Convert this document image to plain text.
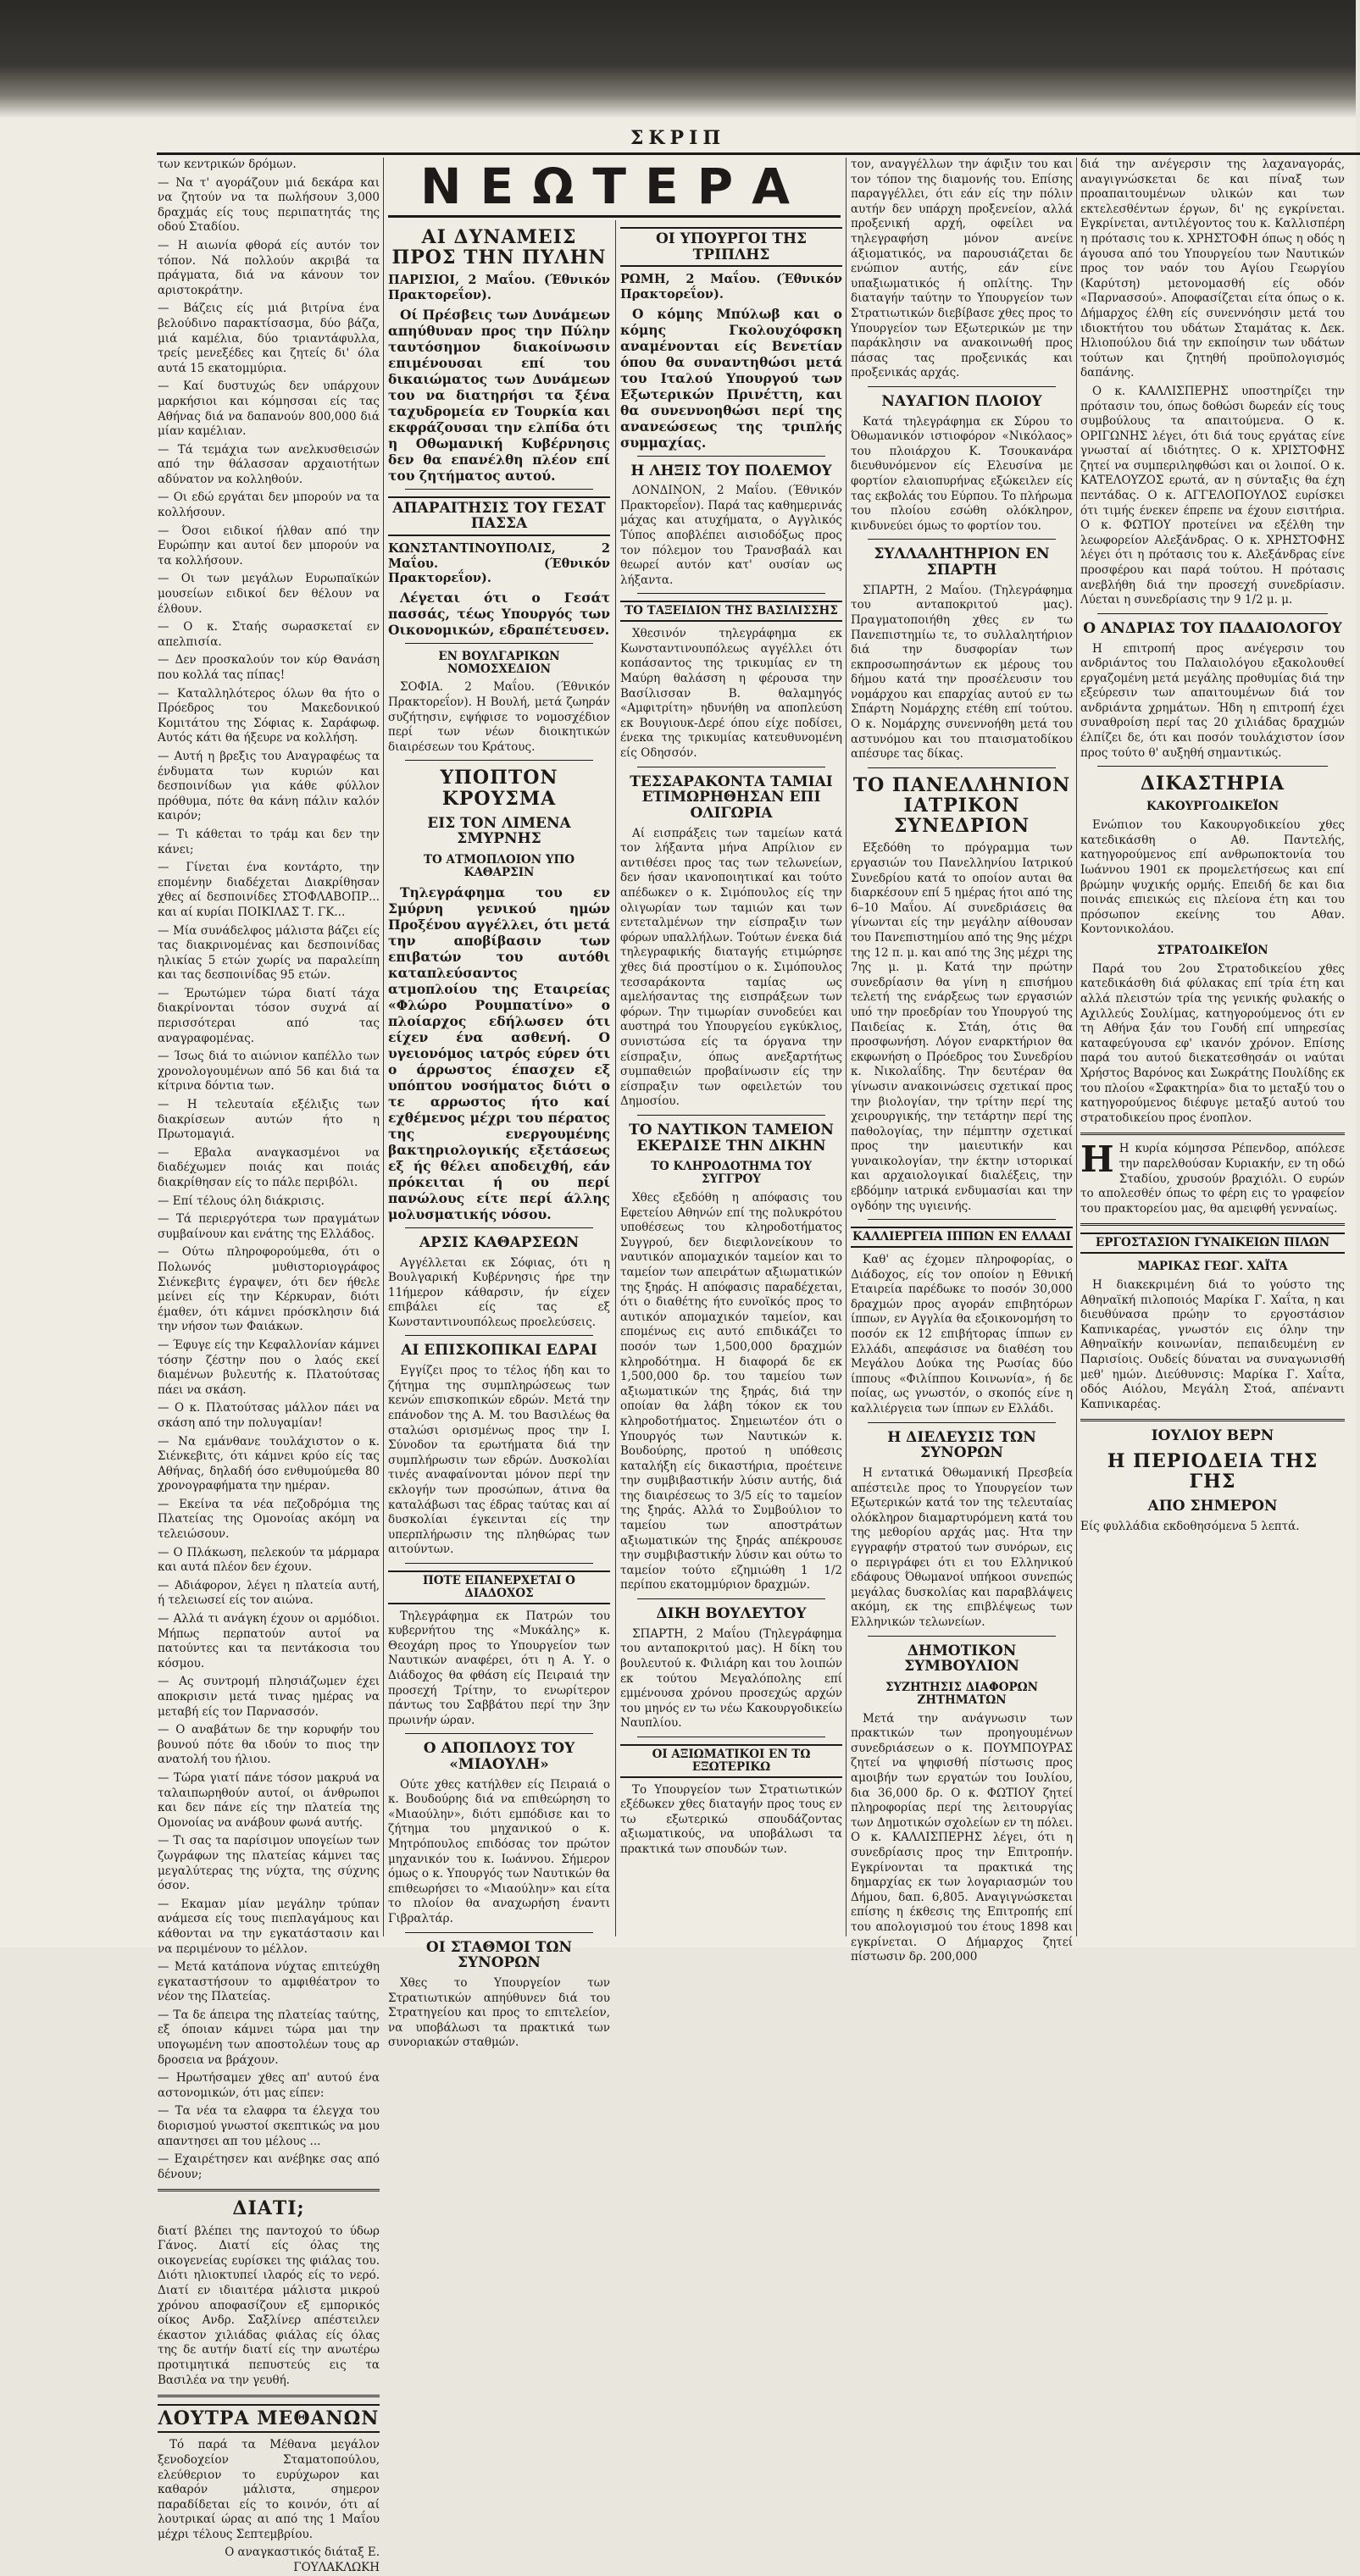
ΣΚΡΙΠ

των κεντρικών δρόμων.

— Να τ' αγοράζουν μιά δεκάρα και να ζητούν να τα πωλήσουν 3,000 δραχμάς είς τους περιπατητάς της οδού Σταδίου.

— Η αιωνία φθορά είς αυτόν τον τόπον. Νά πολλούν ακριβά τα πράγματα, διά να κάνουν τον αριστοκράτην.

— Βάζεις είς μιά βιτρίνα ένα βελούδινο παρακτίσασμα, δύο βάζα, μιά καμέλια, δύο τριαντάφυλλα, τρείς μενεξέδες και ζητείς δι' όλα αυτά 15 εκατομμύρια.

— Καί δυστυχώς δεν υπάρχουν μαρκήσιοι και κόμησσαι είς τας Αθήνας διά να δαπανούν 800,000 διά μίαν καμέλιαν.

— Τά τεμάχια των ανελκυσθεισών από την θάλασσαν αρχαιοτήτων αδύνατον να κολληθούν.

— Οι εδώ εργάται δεν μπορούν να τα κολλήσουν.

— Όσοι ειδικοί ήλθαν από την Ευρώπην και αυτοί δεν μπορούν να τα κολλήσουν.

— Οι των μεγάλων Ευρωπαϊκών μουσείων ειδικοί δεν θέλουν να έλθουν.

— Ο κ. Σταής σωρασκεταί εν απελπισία.

— Δεν προσκαλούν τον κύρ Θανάση που κολλά τας πίπας!

— Καταλληλότερος όλων θα ήτο ο Πρόεδρος του Μακεδονικού Κομιτάτου της Σόφιας κ. Σαράφωφ. Αυτός κάτι θα ήξευρε να κολλήση.

— Αυτή η βρεξις του Αναγραφέως τα ένδυματα των κυριών και δεσποινίδων για κάθε φύλλον πρόθυμα, πότε θα κάνη πάλιν καλόν καιρόν;

— Τι κάθεται το τράμ και δεν την κάνει;

— Γίνεται ένα κοντάρτο, την επομένην διαδέχεται Διακρίθησαν χθες αί δεσποινίδες ΣΤΟΦΛΑΒΟΠΡ... και αί κυρίαι ΠΟΙΚΙΛΑΣ Τ. ΓΚ...

— Μία συνάδελφος μάλιστα βάζει είς τας διακρινομένας και δεσποινίδας ηλικίας 5 ετών χωρίς να παραλείπη και τας δεσποινίδας 95 ετών.

— Έρωτώμεν τώρα διατί τάχα διακρίνονται τόσον συχνά αί περισσότεραι από τας αναγραφομένας.

— Ίσως διά το αιώνιον καπέλλο των χρονολογουμένων από 56 και διά τα κίτρινα δόντια των.

— Η τελευταία εξέλιξις των διακρίσεων αυτών ήτο η Πρωτομαγιά.

— Εβαλα αναγκασμένοι να διαδέχωμεν ποιάς και ποιάς διακρίθησαν είς το πάλε περιβόλι.

— Επί τέλους όλη διάκρισις.

— Τά περιεργότερα των πραγμάτων συμβαίνουν και ενάτης της Ελλάδος.

— Ούτω πληροφορούμεθα, ότι ο Πολωνός μυθιστοριογράφος Σιένκεβιτς έγραψεν, ότι δεν ήθελε μείνει είς την Κέρκυραν, διότι έμαθεν, ότι κάμνει πρόσκλησιν διά την νήσον των Φαιάκων.

— Έφυγε είς την Κεφαλλονίαν κάμνει τόσην ζέστην που ο λαός εκεί διαμένων βυλευτής κ. Πλατούτσας πάει να σκάση.

— Ο κ. Πλατούτσας μάλλον πάει να σκάση από την πολυγαμίαν!

— Να εμάνθανε τουλάχιστον ο κ. Σιένκεβιτς, ότι κάμνει κρύο είς τας Αθήνας, δηλαδή όσο ενθυμούμεθα 80 χρονογραφήματα την ημέραν.

— Εκείνα τα νέα πεζοδρόμια της Πλατείας της Ομονοίας ακόμη να τελειώσουν.

— Ο Πλάκωση, πελεκούν τα μάρμαρα και αυτά πλέον δεν έχουν.

— Αδιάφορον, λέγει η πλατεία αυτή, ή τελειωσεί είς τον αιώνα.

— Αλλά τι ανάγκη έχουν οι αρμόδιοι. Μήπως περπατούν αυτοί να πατούντες και τα πεντάκοσια του κόσμου.

— Ας συντρομή πλησιάζωμεν έχει αποκρισιν μετά τινας ημέρας να μεταβή είς τον Παρνασσόν.

— Ο αναβάτων δε την κορυφήν του βουνού πότε θα ιδούν το πιος την ανατολή του ήλιου.

— Τώρα γιατί πάνε τόσον μακρυά να ταλαιπωρηθούν αυτοί, οι άνθρωποι και δεν πάνε είς την πλατεία της Ομονοίας να ανάβουν φωνά αυτής.

— Τι σας τα παρίσιμον υπογείων των ζωγράφων της πλατείας κάμνει τας μεγαλύτερας της νύχτα, της σύχνης όσον.

— Εκαμαν μίαν μεγάλην τρύπαν ανάμεσα είς τους πιεπλαγάμους και κάθονται να την εγκατάστασιν και να περιμένουν το μέλλον.

— Μετά κατάπονα νύχτας επιτεύχθη εγκαταστήσουν το αμφιθέατρον το νέον της Πλατείας.

— Τα δε άπειρα της πλατείας ταύτης, εξ όποιαν κάμνει τώρα μαι την υπογωμένη των αποστολέων τους αρ δροσεια να βράχουν.

— Ηρωτήσαμεν χθες απ' αυτού ένα αστονομικών, ότι μας είπεν:

— Τα νέα τα ελαφρα τα έλεγχα του διορισμού γνωστοί σκεπτικώς να μου απαντησει απ του μέλους ...

— Εχαιρέτησεν και ανέβηκε σας από δένουν;

ΔΙΑΤΙ;

διατί βλέπει της παντοχού το ύδωρ Γάνος. Διατί είς όλας της οικογενείας ευρίσκει της φιάλας του. Διότι ηλιοκτυπεί ιλαρός είς το νερό. Διατί εν ιδιαιτέρα μάλιστα μικρού χρόνου αποφασίζουν εξ εμπορικός οίκος Ανδρ. Σαξλίνερ απέστειλεν έκαστον χιλιάδας φιάλας είς όλας της δε αυτήν διατί είς την ανωτέρω προτιμητικά πεπυστεύς εις τα Βασιλέα να την γευθή.

ΛΟΥΤΡΑ ΜΕΘΑΝΩΝ

Τό παρά τα Μέθανα μεγάλον ξενοδοχείον Σταματοπούλου, ελεύθεριον το ευρύχωρον και καθαρόν μάλιστα, σημερον παραδίδεται είς το κοινόν, ότι αί λουτρικαί ώρας αι από της 1 Μαΐου μέχρι τέλους Σεπτεμβρίου.

Ο αναγκαστικός διάταξ Ε. ΓΟΥΛΑΚΛΩΚΗ

ΝΕΩΤΕΡΑ
ΑΙ ΔΥΝΑΜΕΙΣ ΠΡΟΣ ΤΗΝ ΠΥΛΗΝ

ΠΑΡΙΣΙΟΙ, 2 Μαΐου. (Έθνικόν Πρακτορεΐον).

Οί Πρέσβεις των Δυνάμεων απηύθυναν προς την Πύλην ταυτόσημον διακοίνωσιν επιμένουσαι επί του δικαιώματος των Δυνάμεων του να διατηρήσι τα ξένα ταχυδρομεία εν Τουρκία και εκφράζουσαι την ελπίδα ότι η Οθωμανική Κυβέρνησις δεν θα επανέλθη πλέον επί του ζητήματος αυτού.

ΑΠΑΡΑΙΤΗΣΙΣ ΤΟΥ ΓΕΣΑΤ ΠΑΣΣΑ

ΚΩΝΣΤΑΝΤΙΝΟΥΠΟΛΙΣ, 2 Μαΐου. (Έθνικόν Πρακτορεΐον).

Λέγεται ότι ο Γεσάτ πασσάς, τέως Υπουργός των Οικονομικών, εδραπέτευσεν.

ΕΝ ΒΟΥΛΓΑΡΙΚΩΝ ΝΟΜΟΣΧΕΔΙΟΝ

ΣΟΦΙΑ. 2 Μαΐου. (Έθνικόν Πρακτορεΐον). Η Βουλή, μετά ζωηράν συζήτησιν, εψήφισε το νομοσχέδιον περί των νέων διοικητικών διαιρέσεων του Κράτους.

ΥΠΟΠΤΟΝ ΚΡΟΥΣΜΑ
ΕΙΣ ΤΟΝ ΛΙΜΕΝΑ ΣΜΥΡΝΗΣ
ΤΟ ΑΤΜΟΠΛΟΙΟΝ ΥΠΟ ΚΑΘΑΡΣΙΝ

Τηλεγράφημα του εν Σμύρνη γενικού ημών Προξένου αγγέλλει, ότι μετά την αποβίβασιν των επιβατών του αυτόθι καταπλεύσαντος ατμοπλοίου της Εταιρείας «Φλώρο Ρουμπατίνο» ο πλοίαρχος εδήλωσεν ότι είχεν ένα ασθενή. Ο υγειονόμος ιατρός εύρεν ότι ο άρρωστος έπασχεν εξ υπόπτου νοσήματος διότι ο τε αρρωστος ήτο καί εχθέμενος μέχρι του πέρατος της ενεργουμένης βακτηριολογικής εξετάσεως εξ ής θέλει αποδειχθή, εάν πρόκειται ή ου περί πανώλους είτε περί άλλης μολυσματικής νόσου.

ΑΡΣΙΣ ΚΑΘΑΡΣΕΩΝ

Αγγέλλεται εκ Σόφιας, ότι η Βουλγαρική Κυβέρνησις ήρε την 11ήμερον κάθαρσιν, ήν είχεν επιβάλει είς τας εξ Κωνσταντινουπόλεως προελεύσεις.

ΑΙ ΕΠΙΣΚΟΠΙΚΑΙ ΕΔΡΑΙ

Εγγίζει προς το τέλος ήδη και το ζήτημα της συμπληρώσεως των κενών επισκοπικών εδρών. Μετά την επάνοδον της Α. Μ. του Βασιλέως θα σταλώσι ορισμένως προς την Ι. Σύνοδον τα ερωτήματα διά την συμπλήρωσιν των εδρών. Δυσκολίαι τινές αναφαίνονται μόνον περί την εκλογήν των προσώπων, άτινα θα καταλάβωσι τας έδρας ταύτας και αί δυσκολίαι έγκεινται είς την υπερπλήρωσιν της πληθώρας των αιτούντων.

ΠΟΤΕ ΕΠΑΝΕΡΧΕΤΑΙ Ο ΔΙΑΔΟΧΟΣ

Τηλεγράφημα εκ Πατρών του κυβερνήτου της «Μυκάλης» κ. Θεοχάρη προς το Υπουργείον των Ναυτικών αναφέρει, ότι η Α. Υ. ο Διάδοχος θα φθάση είς Πειραιά την προσεχή Τρίτην, το ενωρίτερον πάντως του Σαββάτου περί την 3ην πρωινήν ώραν.

Ο ΑΠΟΠΛΟΥΣ ΤΟΥ «ΜΙΑΟΥΛΗ»

Ούτε χθες κατήλθεν είς Πειραιά ο κ. Βουδούρης διά να επιθεώρηση το «Μιαούλην», διότι εμπόδισε και το ζήτημα του μηχανικού ο κ. Μητρόπουλος επιδόσας τον πρώτον μηχανικόν του κ. Ιωάννου. Σήμερον όμως ο κ. Υπουργός των Ναυτικών θα επιθεωρήσει το «Μιαούλην» και είτα το πλοίον θα αναχωρήση έναντι Γιβραλτάρ.

ΟΙ ΣΤΑΘΜΟΙ ΤΩΝ ΣΥΝΟΡΩΝ

Χθες το Υπουργείον των Στρατιωτικών απηύθυνεν διά του Στρατηγείου και προς το επιτελείον, να υποβάλωσι τα πρακτικά των συνοριακών σταθμών.

ΟΙ ΥΠΟΥΡΓΟΙ ΤΗΣ ΤΡΙΠΛΗΣ

ΡΩΜΗ, 2 Μαΐου. (Έθνικόν Πρακτορεΐον).

Ο κόμης Μπύλωβ και ο κόμης Γκολουχόφσκη αναμένονται είς Βενετίαν όπου θα συναντηθώσι μετά του Ιταλού Υπουργού των Εξωτερικών Πρινέττη, και θα συνεννοηθώσι περί της ανανεώσεως της τριπλής συμμαχίας.

Η ΛΗΞΙΣ ΤΟΥ ΠΟΛΕΜΟΥ

ΛΟΝΔΙΝΟΝ, 2 Μαΐου. (Έθνικόν Πρακτορεΐον). Παρά τας καθημερινάς μάχας και ατυχήματα, ο Αγγλικός Τύπος αποβλέπει αισιοδόξως προς τον πόλεμον του Τρανσβαάλ και θεωρεί αυτόν κατ' ουσίαν ως λήξαντα.

ΤΟ ΤΑΞΕΙΔΙΟΝ ΤΗΣ ΒΑΣΙΛΙΣΣΗΣ

Χθεσινόν τηλεγράφημα εκ Κωνσταντινουπόλεως αγγέλλει ότι κοπάσαντος της τρικυμίας εν τη Μαύρη θαλάσση η φέρουσα την Βασίλισσαν Β. θαλαμηγός «Αμφιτρίτη» ηδυνήθη να αποπλεύση εκ Βουγιουκ-Δερέ όπου είχε ποδίσει, ένεκα της τρικυμίας κατευθυνομένη είς Οδησσόν.

ΤΕΣΣΑΡΑΚΟΝΤΑ ΤΑΜΙΑΙ ΕΤΙΜΩΡΗΘΗΣΑΝ ΕΠΙ ΟΛΙΓΩΡΙΑ

Αί εισπράξεις των ταμείων κατά τον λήξαντα μήνα Απρίλιον εν αντιθέσει προς τας των τελωνείων, δεν ήσαν ικανοποιητικαί και τούτο απέδωκεν ο κ. Σιμόπουλος είς την ολιγωρίαν των ταμιών και των εντεταλμένων την είσπραξιν των φόρων υπαλλήλων. Τούτων ένεκα διά τηλεγραφικής διαταγής ετιμώρησε χθες διά προστίμου ο κ. Σιμόπουλος τεσσαράκοντα ταμίας ως αμελήσαντας της εισπράξεων των φόρων. Την τιμωρίαν συνοδεύει και αυστηρά του Υπουργείου εγκύκλιος, συνιστώσα είς τα όργανα την είσπραξιν, όπως ανεξαρτήτως συμπαθειών προβαίνωσιν είς την είσπραξιν των οφειλετών του Δημοσίου.

ΤΟ ΝΑΥΤΙΚΟΝ ΤΑΜΕΙΟΝ ΕΚΕΡΔΙΣΕ ΤΗΝ ΔΙΚΗΝ
ΤΟ ΚΛΗΡΟΔΟΤΗΜΑ ΤΟΥ ΣΥΓΓΡΟΥ

Χθες εξεδόθη η απόφασις του Εφετείου Αθηνών επί της πολυκρότου υποθέσεως του κληροδοτήματος Συγγρού, δεν διεφιλονείκουν το ναυτικόν απομαχικόν ταμείον και το ταμείον των απειράτων αξιωματικών της ξηράς. Η απόφασις παραδέχεται, ότι ο διαθέτης ήτο ευνοϊκός προς το αυτικόν απομαχικόν ταμείον, και επομένως εις αυτό επιδικάζει το ποσόν των 1,500,000 δραχμών κληροδότημα. Η διαφορά δε εκ 1,500,000 δρ. του ταμείου των αξιωματικών της ξηράς, διά την οποίαν θα λάβη τόκον εκ του κληροδοτήματος. Σημειωτέον ότι ο Υπουργός των Ναυτικών κ. Βουδούρης, προτού η υπόθεσις καταλήξη είς δικαστήρια, προέτεινε την συμβιβαστικήν λύσιν αυτής, διά της διαιρέσεως το 3/5 είς το ταμείον της ξηράς. Αλλά το Συμβούλιον το ταμείου των αποστράτων αξιωματικών της ξηράς απέκρουσε την συμβιβαστικήν λύσιν και ούτω το ταμείον τούτο εζημιώθη 1 1/2 περίπου εκατομμύριον δραχμών.

ΔΙΚΗ ΒΟΥΛΕΥΤΟΥ

ΣΠΑΡΤΗ, 2 Μαΐου (Τηλεγράφημα του ανταποκριτού μας). Η δίκη του βουλευτού κ. Φιλιάρη και του λοιπών εκ τούτου Μεγαλόπολης επί εμμένουσα χρόνου προσεχώς αρχών του μηνός εν τω νέω Κακουργοδικείω Ναυπλίου.

ΟΙ ΑΞΙΩΜΑΤΙΚΟΙ ΕΝ ΤΩ ΕΞΩΤΕΡΙΚΩ

Το Υπουργείον των Στρατιωτικών εξέδωκεν χθες διαταγήν προς τους εν τω εξωτερικώ σπουδάζοντας αξιωματικούς, να υποβάλωσι τα πρακτικά των σπουδών των.

τον, αναγγέλλων την άφιξιν του και τον τόπον της διαμονής του. Επίσης παραγγέλλει, ότι εάν είς την πόλιν αυτήν δεν υπάρχη προξενείον, αλλά προξενική αρχή, οφείλει να τηλεγραφήση μόνον ανείνε άξιοματικός, να παρουσιάζεται δε ενώπιον αυτής, εάν είνε υπαξιωματικός ή οπλίτης. Την διαταγήν ταύτην το Υπουργείον των Στρατιωτικών διεβίβασε χθες προς το Υπουργείον των Εξωτερικών με την παράκλησιν να ανακοινωθή προς πάσας τας προξενικάς και προξενικάς αρχάς.

ΝΑΥΑΓΙΟΝ ΠΛΟΙΟΥ

Κατά τηλεγράφημα εκ Σύρου το Όθωμανικόν ιστιοφόρον «Νικόλαος» του πλοιάρχου Κ. Τσουκανάρα διευθυνόμενον είς Ελευσίνα με φορτίον ελαιοπυρήνας εξώκειλεν είς τας εκβολάς του Εύρπου. Το πλήρωμα του πλοίου εσώθη ολόκληρον, κινδυνεύει όμως το φορτίον του.

ΣΥΛΛΑΛΗΤΗΡΙΟΝ ΕΝ ΣΠΑΡΤΗ

ΣΠΑΡΤΗ, 2 Μαΐου. (Τηλεγράφημα του ανταποκριτού μας). Πραγματοποιήθη χθες εν τω Πανεπιστημίω τε, το συλλαλητήριον διά την δυσφορίαν των εκπροσωπησάντων εκ μέρους του δήμου κατά την προσέλευσιν του νομάρχου και επαρχίας αυτού εν τω Σπάρτη Νομάρχης ετέθη επί τούτου. Ο κ. Νομάρχης συνεννοήθη μετά του αστυνόμου και του πταισματοδίκου απέσυρε τας δίκας.

ΤΟ ΠΑΝΕΛΛΗΝΙΟΝ ΙΑΤΡΙΚΟΝ ΣΥΝΕΔΡΙΟΝ

Εξεδόθη το πρόγραμμα των εργασιών του Πανελληνίου Ιατρικού Συνεδρίου κατά το οποίον αυται θα διαρκέσουν επί 5 ημέρας ήτοι από της 6–10 Μαΐου. Αί συνεδριάσεις θα γίνωνται είς την μεγάλην αίθουσαν του Πανεπιστημίου από της 9ης μέχρι της 12 π. μ. και από της 3ης μέχρι της 7ης μ. μ. Κατά την πρώτην συνεδρίασιν θα γίνη η επισήμου τελετή της ενάρξεως των εργασιών υπό την προεδρίαν του Υπουργού της Παιδείας κ. Στάη, ότις θα προσφωνήση. Λόγον εναρκτήριον θα εκφωνήση ο Πρόεδρος του Συνεδρίου κ. Νικολαΐδης. Την δευτέραν θα γίνωσιν ανακοινώσεις σχετικαί προς την βιολογίαν, την τρίτην περί της χειρουργικής, την τετάρτην περί της παθολογίας, την πέμπτην σχετικαί προς την μαιευτικήν και γυναικολογίαν, την έκτην ιστορικαί και αρχαιολογικαί διαλέξεις, την εβδόμην ιατρικά ενδυμασίαι και την ογδόην της υγιεινής.

ΚΑΛΛΙΕΡΓΕΙΑ ΙΠΠΩΝ ΕΝ ΕΛΛΑΔΙ

Καθ' ας έχομεν πληροφορίας, ο Διάδοχος, είς τον οποίον η Εθνική Εταιρεία παρέδωκε το ποσόν 30,000 δραχμών προς αγοράν επιβητόρων ίππων, εν Αγγλία θα εξοικονομήση το ποσόν εκ 12 επιβήτορας ίππων εν Ελλάδι, απεφάσισε να διαθέση του Μεγάλου Δούκα της Ρωσίας δύο ίππους «Φιλίππου Κοινωνία», ή δε ποίας, ως γνωστόν, ο σκοπός είνε η καλλιέργεια των ίππων εν Ελλάδι.

Η ΔΙΕΛΕΥΣΙΣ ΤΩΝ ΣΥΝΟΡΩΝ

Η εντατικά Όθωμανική Πρεσβεία απέστειλε προς το Υπουργείον των Εξωτερικών κατά τον της τελευταίας ολόκληρον διαμαρτυρόμενη κατά του της μεθορίου αρχάς μας. Ήτα την εγγραφήν στρατού των συνόρων, εις ο περιγράφει ότι ει του Ελληνικού εδάφους Όθωμανοί υπήκοοι συνεπώς μεγάλας δυσκολίας και παραβλάψεις ακόμη, εκ της επιβλέψεως των Ελληνικών τελωνείων.

ΔΗΜΟΤΙΚΟΝ ΣΥΜΒΟΥΛΙΟΝ
ΣΥΖΗΤΗΣΙΣ ΔΙΑΦΟΡΩΝ ΖΗΤΗΜΑΤΩΝ

Μετά την ανάγνωσιν των πρακτικών των προηγουμένων συνεδριάσεων ο κ. ΠΟΥΜΠΟΥΡΑΣ ζητεί να ψηφισθή πίστωσις προς αμοιβήν των εργατών του Ιουλίου, δια 36,000 δρ. Ο κ. ΦΩΤΙΟΥ ζητεί πληροφορίας περί της λειτουργίας των Δημοτικών σχολείων εν τη πόλει. Ο κ. ΚΑΛΛΙΣΠΕΡΗΣ λέγει, ότι η συνεδρίασις προς την Επιτροπήν. Εγκρίνονται τα πρακτικά της δημαρχίας εκ των λογαριασμών του Δήμου, δαπ. 6,805. Αναγιγνώσκεται επίσης η έκθεσις της Επιτροπής επί του απολογισμού του έτους 1898 και εγκρίνεται. Ο Δήμαρχος ζητεί πίστωσιν δρ. 200,000

διά την ανέγερσιν της λαχαναγοράς, αναγιγνώσκεται δε και πίναξ των προαπαιτουμένων υλικών και των εκτελεσθέντων έργων, δι' ης εγκρίνεται. Εγκρίνεται, αντιλέγοντος του κ. Καλλισπέρη η πρότασις του κ. ΧΡΗΣΤΟΦΗ όπως η οδός η άγουσα από του Υπουργείου των Ναυτικών προς τον ναόν του Αγίου Γεωργίου (Καρύτση) μετονομασθή είς οδόν «Παρνασσού». Αποφασίζεται είτα όπως ο κ. Δήμαρχος έλθη είς συνεννόησιν μετά του ιδιοκτήτου του υδάτων Σταμάτας κ. Δεκ. Ηλιοπούλου διά την εκποίησιν των υδάτων τούτων και ζητηθή προϋπολογισμός δαπάνης.

Ο κ. ΚΑΛΛΙΣΠΕΡΗΣ υποστηρίζει την πρότασιν του, όπως δοθώσι δωρεάν είς τους συμβούλους τα απαιτούμενα. Ο κ. ΟΡΙΓΩΝΗΣ λέγει, ότι διά τους εργάτας είνε γνωσταί αί ιδιότητες. Ο κ. ΧΡΙΣΤΟΦΗΣ ζητεί να συμπεριληφθώσι και οι λοιποί. Ο κ. ΚΑΤΕΛΟΥΖΟΣ ερωτά, αν η σύνταξις θα έχη πεντάδας. Ο κ. ΑΓΓΕΛΟΠΟΥΛΟΣ ευρίσκει ότι τιμής ένεκεν έπρεπε να έχουν εισιτήρια. Ο κ. ΦΩΤΙΟΥ προτείνει να εξέλθη την λεωφορείον Αλεξάνδρας. Ο κ. ΧΡΗΣΤΟΦΗΣ λέγει ότι η πρότασις του κ. Αλεξάνδρας είνε προσφέρου και παρά τούτου. Η πρότασις ανεβλήθη διά την προσεχή συνεδρίασιν. Λύεται η συνεδρίασις την 9 1/2 μ. μ.

Ο ΑΝΔΡΙΑΣ ΤΟΥ ΠΑΔΑΙΟΛΟΓΟΥ

Η επιτροπή προς ανέγερσιν του ανδριάντος του Παλαιολόγου εξακολουθεί εργαζομένη μετά μεγάλης προθυμίας διά την εξεύρεσιν των απαιτουμένων διά τον ανδριάντα χρημάτων. Ήδη η επιτροπή έχει συναθροίση περί τας 20 χιλιάδας δραχμών έλπίζει δε, ότι και ποσόν τουλάχιστον ίσον προς τούτο θ' αυξηθή σημαντικώς.

ΔΙΚΑΣΤΗΡΙΑ
ΚΑΚΟΥΡΓΟΔΙΚΕΪ́ΟΝ

Ενώπιον του Κακουργοδικείου χθες κατεδικάσθη ο Αθ. Παντελής, κατηγορούμενος επί ανθρωποκτονία του Ιωάννου 1901 εκ προμελετήσεως και επί βρώμην ψυχικής ορμής. Επειδή δε και δια ποινάς επιεικώς εις πλείονα έτη και του πρόσωπον εκείνης του Αθαν. Κοντονικολάου.

ΣΤΡΑΤΟΔΙΚΕΪ́ΟΝ

Παρά του 2ου Στρατοδικείου χθες κατεδικάσθη διά φύλακας επί τρία έτη και αλλά πλειστών τρία της γενικής φυλακής ο Αχιλλεύς Σουλίμας, κατηγορούμενος ότι εν τη Αθήνα ξάν του Γουδή επί υπηρεσίας καταφεύγουσα εφ' ικανόν χρόνον. Επίσης παρά του αυτού διεκατεσθησάν οι ναύται Χρήστος Βαρόνος και Σωκράτης Πουλίδης εκ του πλοίου «Σφακτηρία» δια το μεταξύ του ο κατηγορούμενος διέφυγε μεταξύ αυτού του στρατοδικείου προς ένοπλον.

Η Η κυρία κόμησσα Ρέπενδορ, απόλεσε την παρελθούσαν Κυριακήν, εν τη οδώ Σταδίου, χρυσούν βραχιόλι. Ο ευρών το απολεσθέν όπως το φέρη εις το γραφείον του πρακτορείου μας, θα αμειφθή γενναίως.

ΕΡΓΟΣΤΑΣΙΟΝ ΓΥΝΑΙΚΕΙΩΝ ΠΙΛΩΝ
ΜΑΡΙΚΑΣ ΓΕΩΓ. ΧΑΪΤΑ

Η διακεκριμένη διά το γούστο της Αθηναϊκή πιλοποιός Μαρίκα Γ. Χαΐτα, η και διευθύνασα πρώην το εργοστάσιον Καπνικαρέας, γνωστόν εις όλην την Αθηναϊκήν κοινωνίαν, πεπαιδευμένη εν Παρισίοις. Ουδείς δύναται να συναγωνισθή μεθ' ημών. Διεύθυνσις: Μαρίκα Γ. Χαΐτα, οδός Αιόλου, Μεγάλη Στοά, απέναντι Καπνικαρέας.

ΙΟΥΛΙΟΥ ΒΕΡΝ
Η ΠΕΡΙΟΔΕΙΑ ΤΗΣ ΓΗΣ
ΑΠΟ ΣΗΜΕΡΟΝ

Είς φυλλάδια εκδοθησόμενα 5 λεπτά.
